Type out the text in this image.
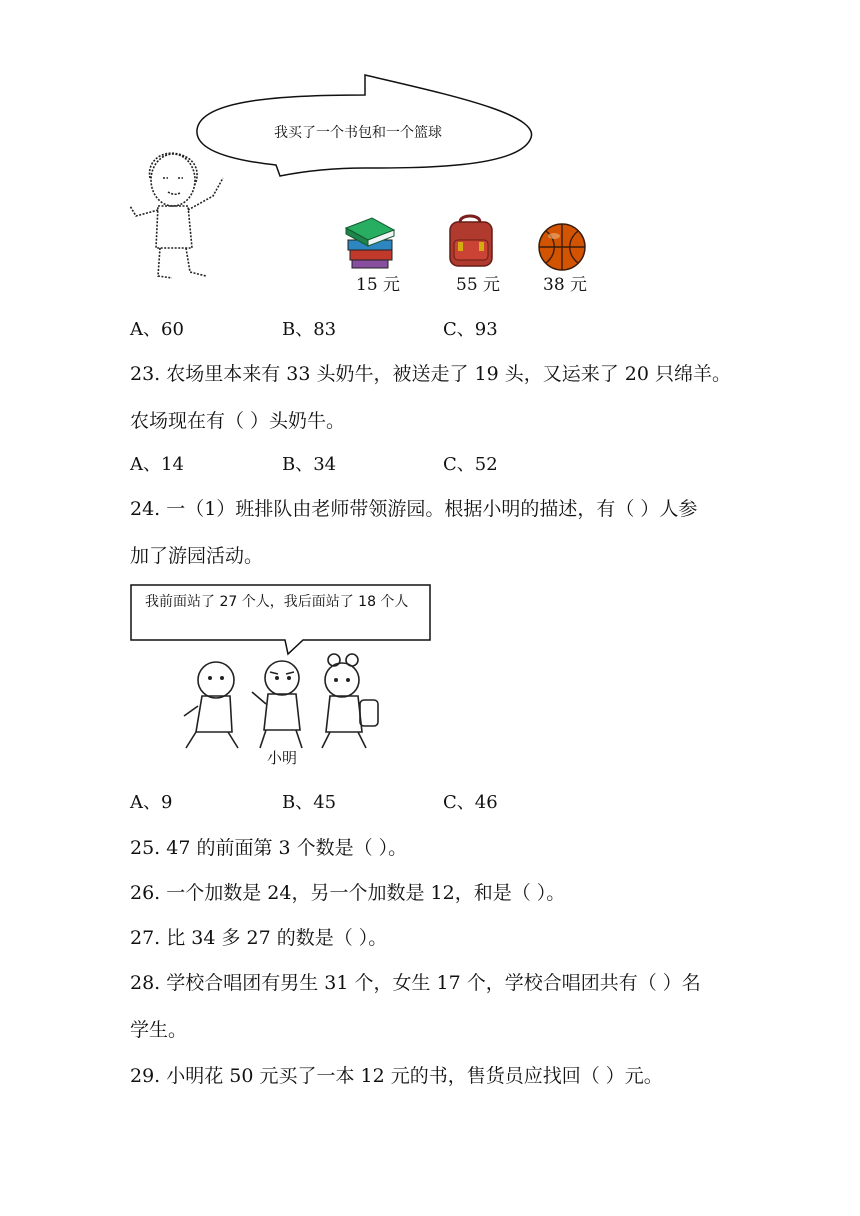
我买了一个书包和一个篮球
15 元	55 元	38 元
A、60	B、83	C、93
23. 农场里本来有 33 头奶牛，被送走了 19 头，又运来了 20 只绵羊。
农场现在有（ ）头奶牛。
A、14	B、34	C、52
24. 一（1）班排队由老师带领游园。根据小明的描述，有（ ）人参
加了游园活动。
我前面站了 27 个人，我后面站了 18 个人
小明
A、9	B、45	C、46
25. 47 的前面第 3 个数是（ ）。
26. 一个加数是 24，另一个加数是 12，和是（ ）。
27. 比 34 多 27 的数是（ ）。
28. 学校合唱团有男生 31 个，女生 17 个，学校合唱团共有（ ）名
学生。
29. 小明花 50 元买了一本 12 元的书，售货员应找回（ ）元。
